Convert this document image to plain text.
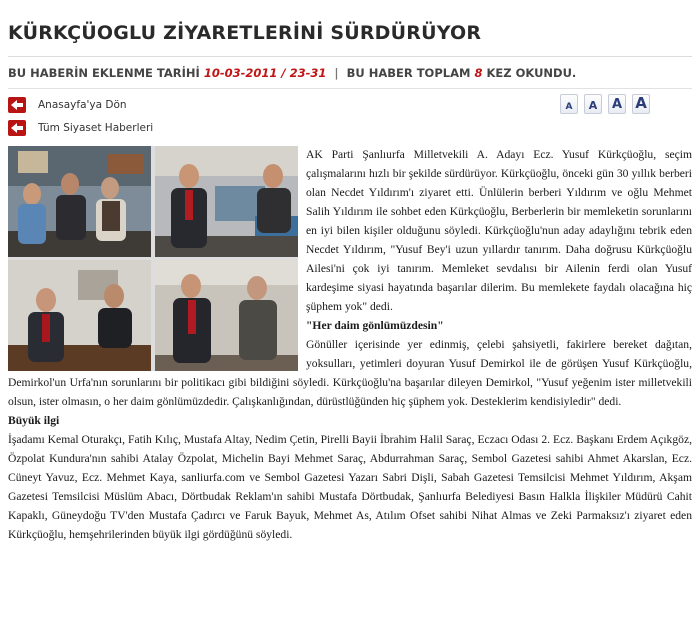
KÜRKÇÜOGLU ZİYARETLERİNİ SÜRDÜRÜYOR
BU HABERİN EKLENME TARİHİ 10-03-2011 / 23-31 | BU HABER TOPLAM 8 KEZ OKUNDU.
Anasayfa'ya Dön
Tüm Siyaset Haberleri
A	A	A A

AK Parti Şanlıurfa Milletvekili A. Adayı Ecz. Yusuf Kürkçüoğlu, seçim çalışmalarını hızlı bir şekilde sürdürüyor. Kürkçüoğlu, önceki gün 30 yıllık berberi olan Necdet Yıldırım'ı ziyaret etti. Ünlülerin berberi Yıldırım ve oğlu Mehmet Salih Yıldırım ile sohbet eden Kürkçüoğlu, Berberlerin bir memleketin sorunlarını en iyi bilen kişiler olduğunu söyledi. Kürkçüoğlu'nun aday adaylığını tebrik eden Necdet Yıldırım, "Yusuf Bey'i uzun yıllardır tanırım. Daha doğrusu Kürkçüoğlu Ailesi'ni çok iyi tanırım. Memleket sevdalısı bir Ailenin ferdi olan Yusuf kardeşime siyasi hayatında başarılar dilerim. Bu memlekete faydalı olacağına hiç şüphem yok" dedi.

"Her daim gönlümüzdesin"

Gönüller içerisinde yer edinmiş, çelebi şahsiyetli, fakirlere bereket dağıtan, yoksulları, yetimleri doyuran Yusuf Demirkol ile de görüşen Yusuf Kürkçüoğlu, Demirkol'un Urfa'nın sorunlarını bir politikacı gibi bildiğini söyledi. Kürkçüoğlu'na başarılar dileyen Demirkol, "Yusuf yeğenim ister milletvekili olsun, ister olmasın, o her daim gönlümüzdedir. Çalışkanlığından, dürüstlüğünden hiç şüphem yok. Desteklerim kendisiyledir" dedi.

Büyük ilgi

İşadamı Kemal Oturakçı, Fatih Kılıç, Mustafa Altay, Nedim Çetin, Pirelli Bayii İbrahim Halil Saraç, Eczacı Odası 2. Ecz. Başkanı Erdem Açıkgöz, Özpolat Kundura'nın sahibi Atalay Özpolat, Michelin Bayi Mehmet Saraç, Abdurrahman Saraç, Sembol Gazetesi sahibi Ahmet Akarslan, Ecz. Cüneyt Yavuz, Ecz. Mehmet Kaya, sanliurfa.com ve Sembol Gazetesi Yazarı Sabri Dişli, Sabah Gazetesi Temsilcisi Mehmet Yıldırım, Akşam Gazetesi Temsilcisi Müslüm Abacı, Dörtbudak Reklam'ın sahibi Mustafa Dörtbudak, Şanlıurfa Belediyesi Basın Halkla İlişkiler Müdürü Cahit Kapaklı, Güneydoğu TV'den Mustafa Çadırcı ve Faruk Bayuk, Mehmet As, Atılım Ofset sahibi Nihat Almas ve Zeki Parmaksız'ı ziyaret eden Kürkçüoğlu, hemşehrilerinden büyük ilgi gördüğünü söyledi.
